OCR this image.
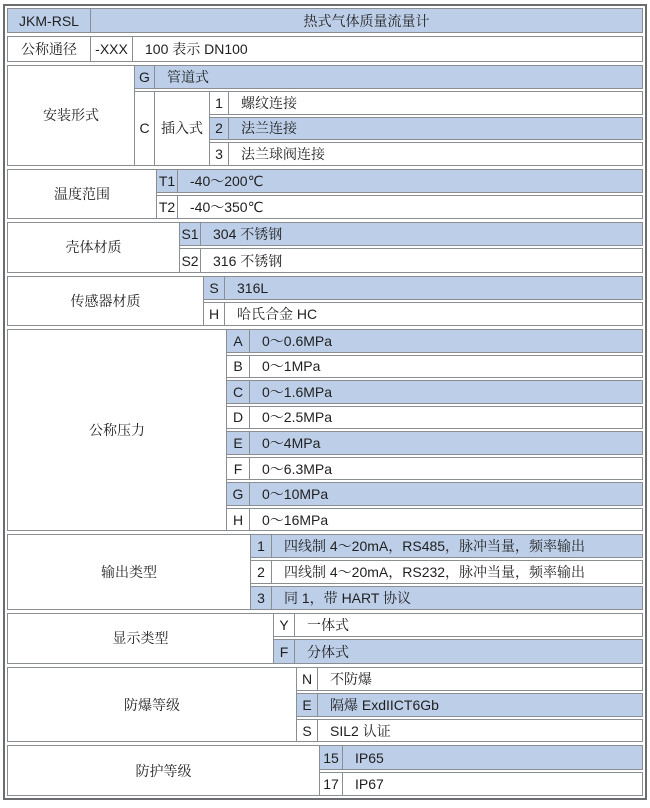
JKM-RSL	热式气体质量流量计
公称通径	-XXX	100 表示 DN100
安装形式
G	管道式
C 插入式
1	螺纹连接
2	法兰连接
3	法兰球阀连接
温度范围
T1	-40～200℃
T2	-40～350℃
壳体材质
S1	304 不锈钢
S2	316 不锈钢
传感器材质
S	316L
H	哈氏合金 HC
公称压力
A	0～0.6MPa
B	0～1MPa
C	0～1.6MPa
D	0～2.5MPa
E	0～4MPa
F	0～6.3MPa
G	0～10MPa
H	0～16MPa
输出类型
1	四线制 4～20mA，RS485，脉冲当量，频率输出
2	四线制 4～20mA，RS232，脉冲当量，频率输出
3	同 1，带 HART 协议
显示类型
Y	一体式
F	分体式
防爆等级
N	不防爆
E	隔爆 ExdIICT6Gb
S	SIL2 认证
防护等级
15	IP65
17	IP67
